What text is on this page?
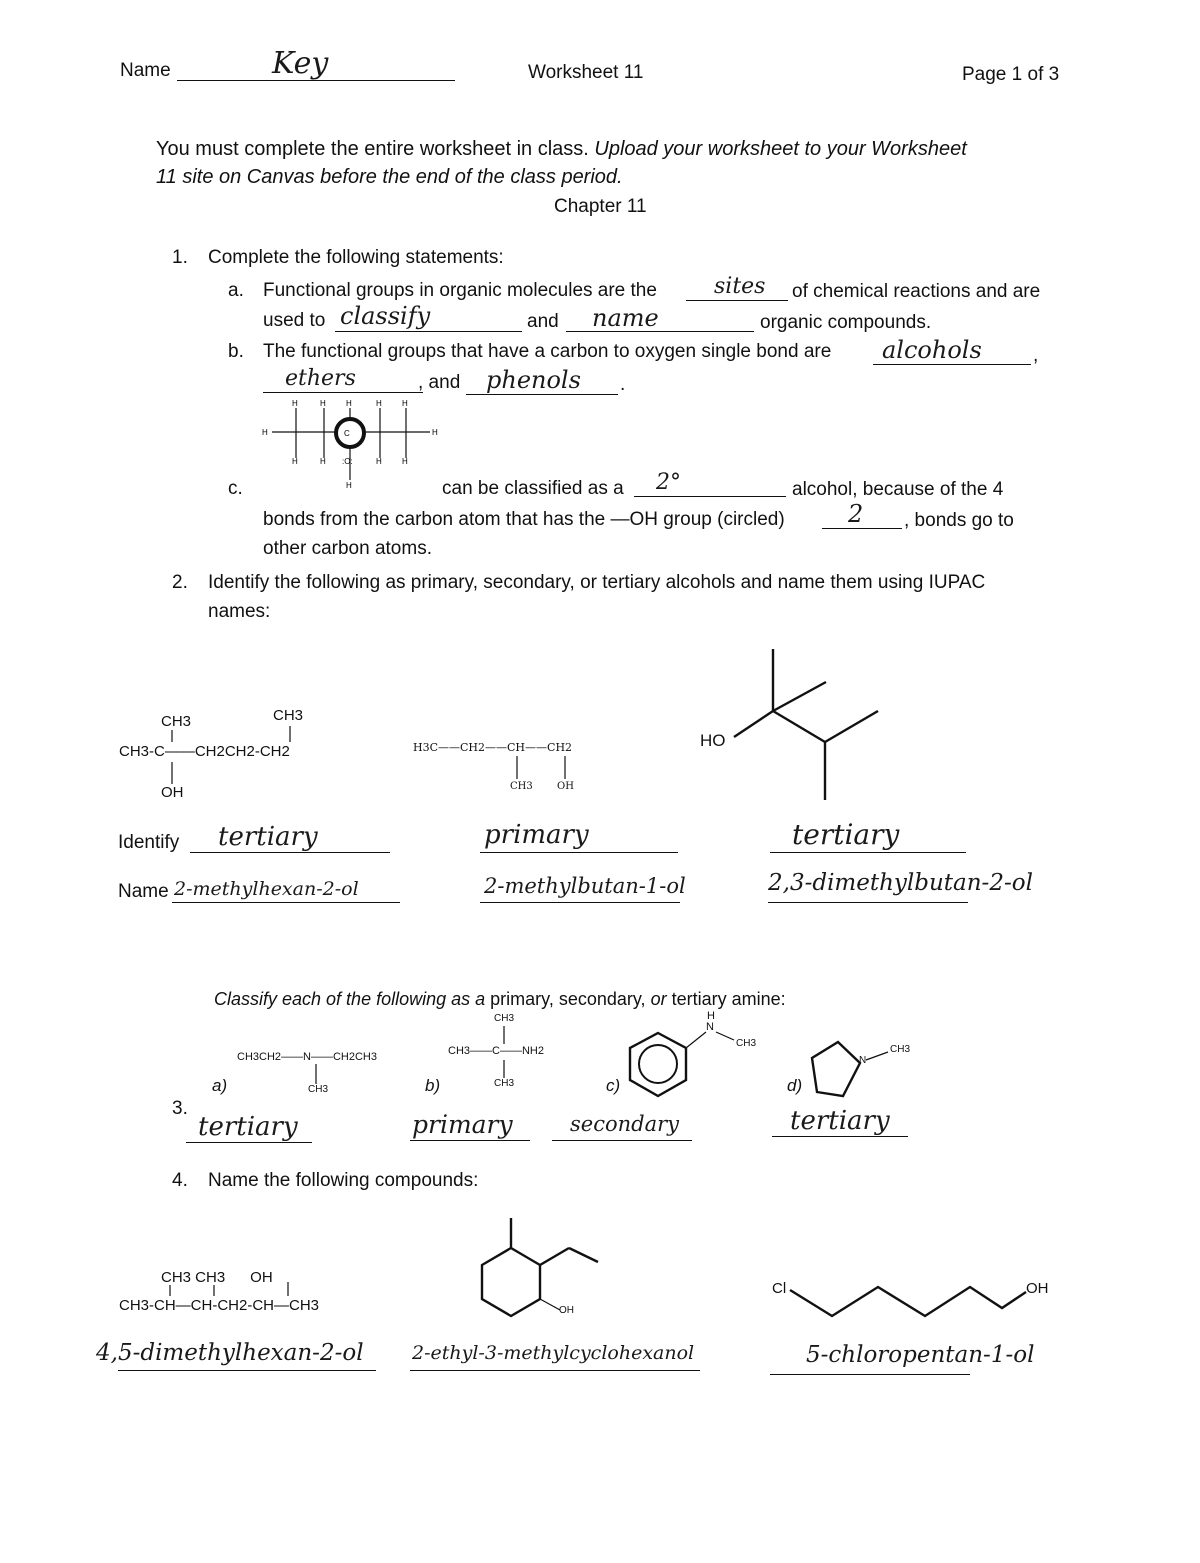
Name	Key	Worksheet 11	Page 1 of 3
You must complete the entire worksheet in class. Upload your worksheet to your Worksheet
11 site on Canvas before the end of the class period.
Chapter 11
1. Complete the following statements:
a. Functional groups in organic molecules are the	sites of chemical reactions and are
used to classify	and name	organic compounds.
b. The functional groups that have a carbon to oxygen single bond are alcohols	,
ethers	, and phenols .
H
H	H	H	H	H
H	H :O:	H	H
H
H
C
c.	can be classified as a 2°	alcohol, because of the 4
bonds from the carbon atom that has the —OH group (circled)	2 , bonds go to
other carbon atoms.
2. Identify the following as primary, secondary, or tertiary alcohols and name them using IUPAC
names:
CH3	CH3
CH3-C——CH2CH2-CH2
OH
H3C——CH2——CH——CH2
CH3 OH
HO
Identify tertiary	primary	tertiary
Name 2-methylhexan-2-ol	2-methylbutan-1-ol	2,3-dimethylbutan-2-ol
Classify each of the following as a primary, secondary, or tertiary amine:
CH3CH2——N——CH2CH3
CH3
CH3——C——NH2
CH3
CH3
H
N
CH3
N
CH3
a)	b)	c)	d)
3.
tertiary	primary	secondary	tertiary
4. Name the following compounds:
CH3 CH3      OH
CH3-CH—CH-CH2-CH—CH3	OH
Cl	OH
4,5-dimethylhexan-2-ol	2-ethyl-3-methylcyclohexanol	5-chloropentan-1-ol
